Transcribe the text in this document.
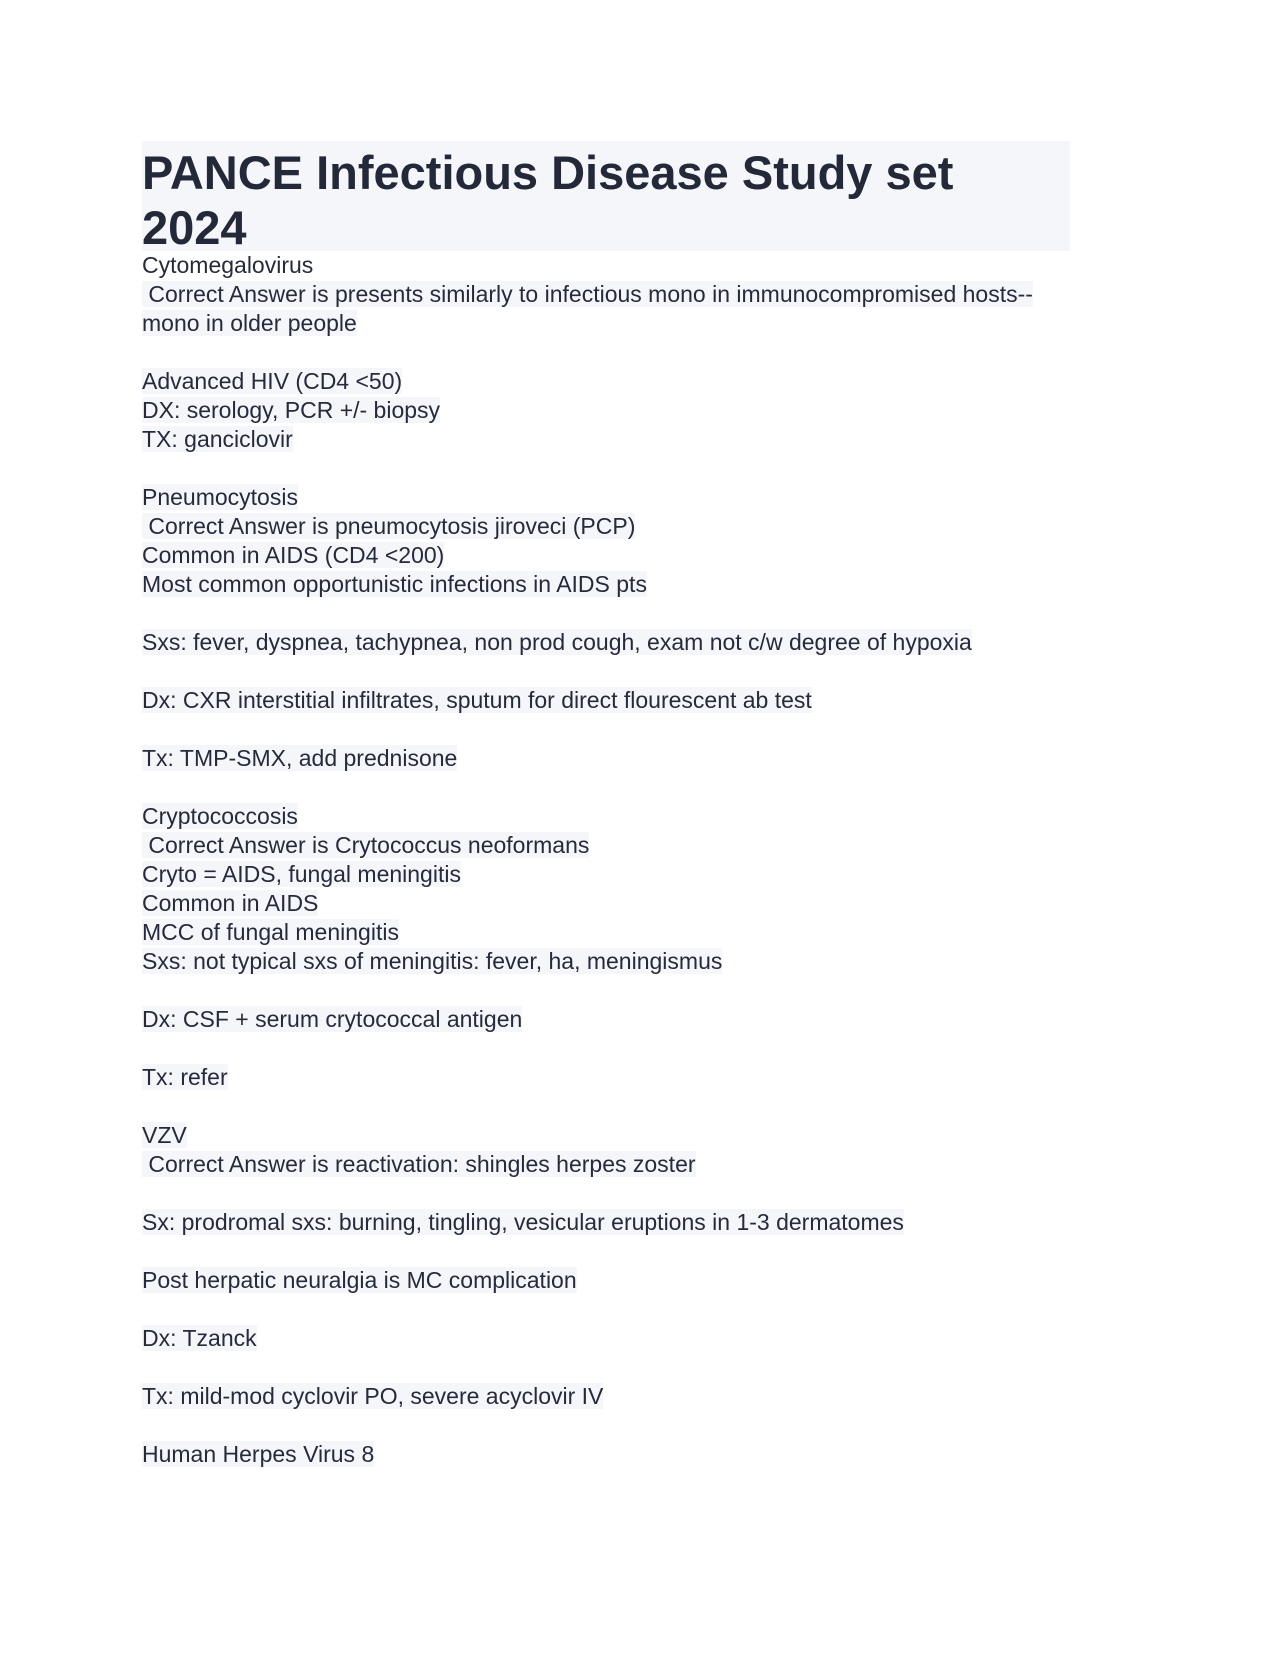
PANCE Infectious Disease Study set 2024
Cytomegalovirus
Correct Answer is presents similarly to infectious mono in immunocompromised hosts--
mono in older people
Advanced HIV (CD4 <50)
DX: serology, PCR +/- biopsy
TX: ganciclovir
Pneumocytosis
Correct Answer is pneumocytosis jiroveci (PCP)
Common in AIDS (CD4 <200)
Most common opportunistic infections in AIDS pts
Sxs: fever, dyspnea, tachypnea, non prod cough, exam not c/w degree of hypoxia
Dx: CXR interstitial infiltrates, sputum for direct flourescent ab test
Tx: TMP-SMX, add prednisone
Cryptococcosis
Correct Answer is Crytococcus neoformans
Cryto = AIDS, fungal meningitis
Common in AIDS
MCC of fungal meningitis
Sxs: not typical sxs of meningitis: fever, ha, meningismus
Dx: CSF + serum crytococcal antigen
Tx: refer
VZV
Correct Answer is reactivation: shingles herpes zoster
Sx: prodromal sxs: burning, tingling, vesicular eruptions in 1-3 dermatomes
Post herpatic neuralgia is MC complication
Dx: Tzanck
Tx: mild-mod cyclovir PO, severe acyclovir IV
Human Herpes Virus 8
